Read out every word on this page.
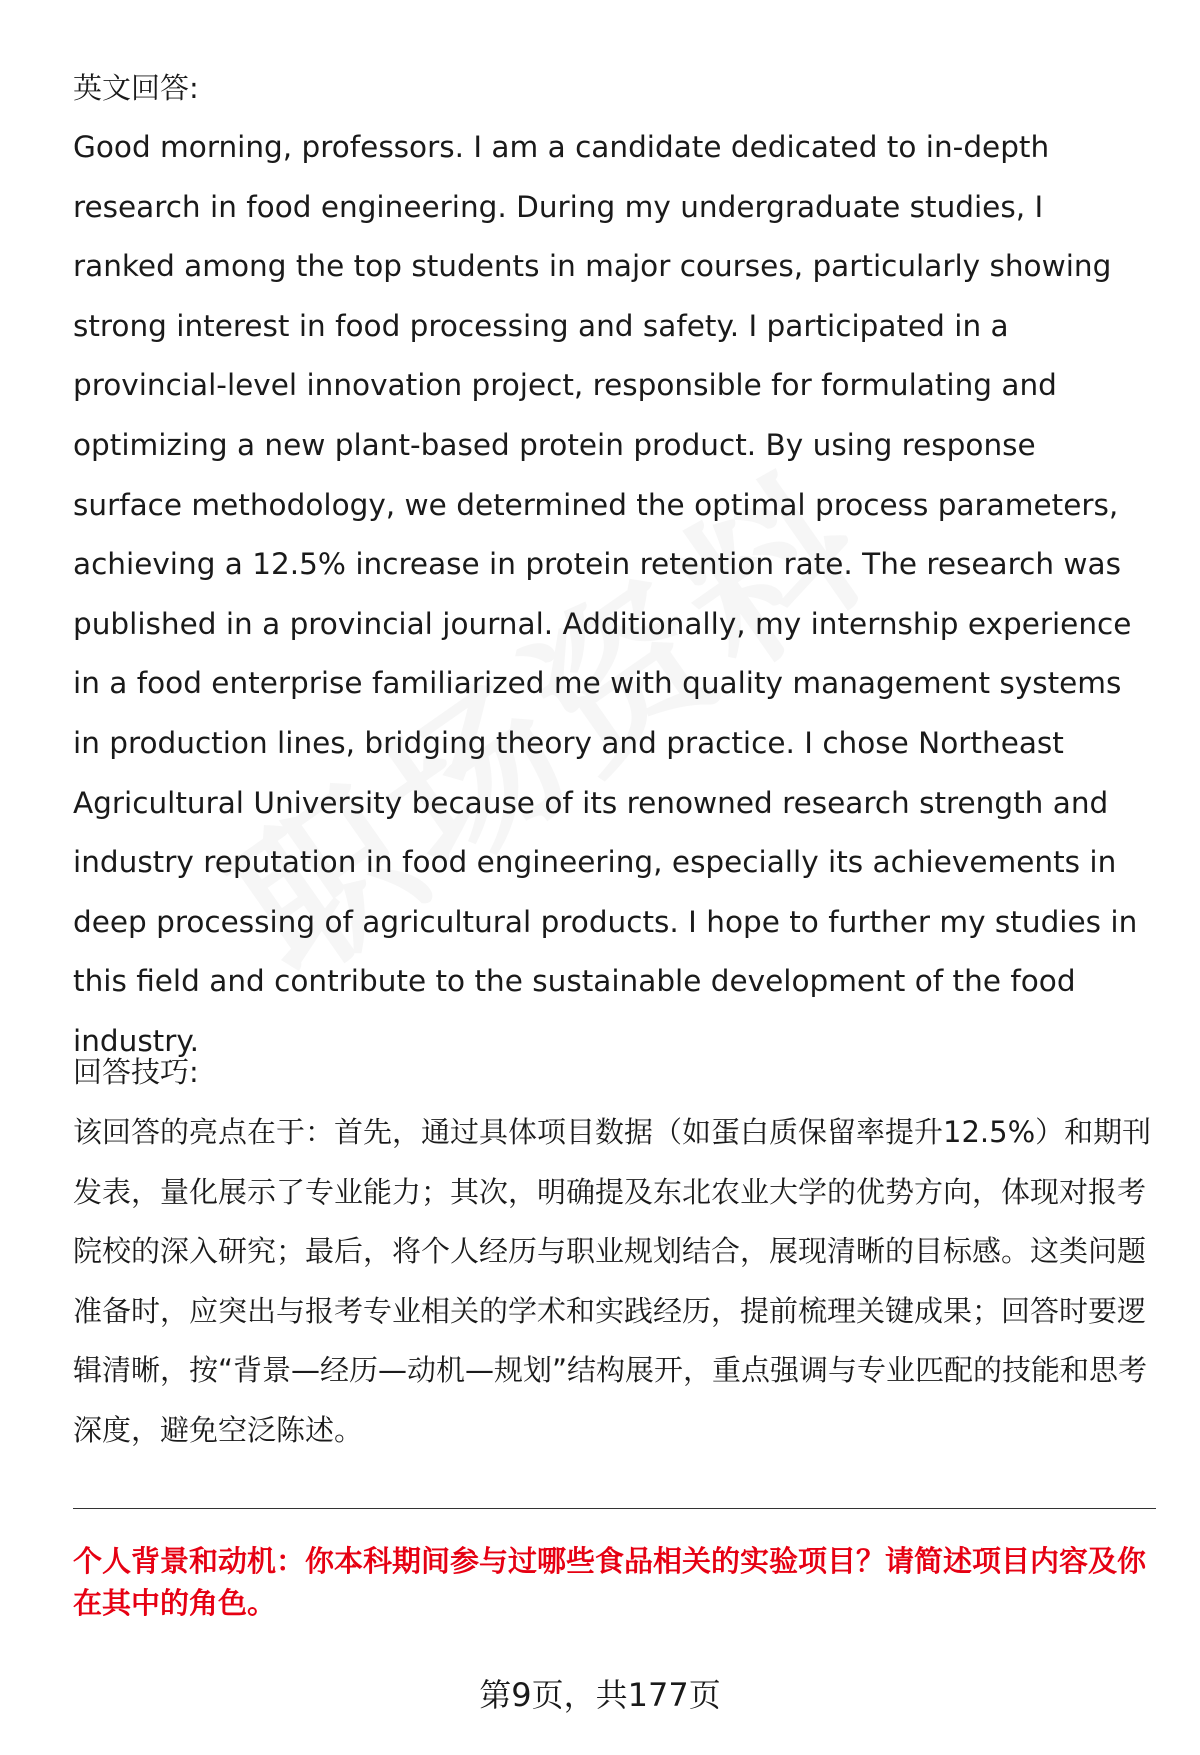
英文回答:

Good morning, professors. I am a candidate dedicated to in-depth research in food engineering. During my undergraduate studies, I ranked among the top students in major courses, particularly showing strong interest in food processing and safety. I participated in a provincial-level innovation project, responsible for formulating and optimizing a new plant-based protein product. By using response surface methodology, we determined the optimal process parameters, achieving a 12.5% increase in protein retention rate. The research was published in a provincial journal. Additionally, my internship experience in a food enterprise familiarized me with quality management systems in production lines, bridging theory and practice. I chose Northeast Agricultural University because of its renowned research strength and industry reputation in food engineering, especially its achievements in deep processing of agricultural products. I hope to further my studies in this field and contribute to the sustainable development of the food industry.

回答技巧:

该回答的亮点在于：首先，通过具体项目数据（如蛋白质保留率提升12.5%）和期刊发表，量化展示了专业能力；其次，明确提及东北农业大学的优势方向，体现对报考院校的深入研究；最后，将个人经历与职业规划结合，展现清晰的目标感。这类问题准备时，应突出与报考专业相关的学术和实践经历，提前梳理关键成果；回答时要逻辑清晰，按“背景—经历—动机—规划”结构展开，重点强调与专业匹配的技能和思考深度，避免空泛陈述。

个人背景和动机：你本科期间参与过哪些食品相关的实验项目？请简述项目内容及你在其中的角色。

第9页，共177页
